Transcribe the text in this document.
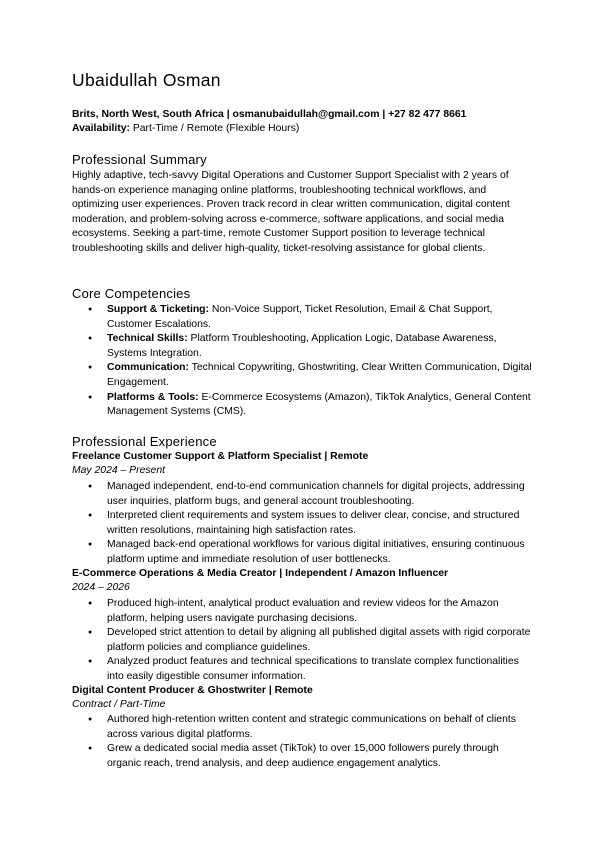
Ubaidullah Osman
Brits, North West, South Africa | osmanubaidullah@gmail.com | +27 82 477 8661
Availability: Part-Time / Remote (Flexible Hours)
Professional Summary
Highly adaptive, tech-savvy Digital Operations and Customer Support Specialist with 2 years of hands-on experience managing online platforms, troubleshooting technical workflows, and optimizing user experiences. Proven track record in clear written communication, digital content moderation, and problem-solving across e-commerce, software applications, and social media ecosystems. Seeking a part-time, remote Customer Support position to leverage technical troubleshooting skills and deliver high-quality, ticket-resolving assistance for global clients.
Core Competencies
● Support & Ticketing: Non-Voice Support, Ticket Resolution, Email & Chat Support, Customer Escalations.
● Technical Skills: Platform Troubleshooting, Application Logic, Database Awareness, Systems Integration.
● Communication: Technical Copywriting, Ghostwriting, Clear Written Communication, Digital Engagement.
● Platforms & Tools: E-Commerce Ecosystems (Amazon), TikTok Analytics, General Content Management Systems (CMS).
Professional Experience
Freelance Customer Support & Platform Specialist | Remote
May 2024 – Present
● Managed independent, end-to-end communication channels for digital projects, addressing user inquiries, platform bugs, and general account troubleshooting.
● Interpreted client requirements and system issues to deliver clear, concise, and structured written resolutions, maintaining high satisfaction rates.
● Managed back-end operational workflows for various digital initiatives, ensuring continuous platform uptime and immediate resolution of user bottlenecks.
E-Commerce Operations & Media Creator | Independent / Amazon Influencer
2024 – 2026
● Produced high-intent, analytical product evaluation and review videos for the Amazon platform, helping users navigate purchasing decisions.
● Developed strict attention to detail by aligning all published digital assets with rigid corporate platform policies and compliance guidelines.
● Analyzed product features and technical specifications to translate complex functionalities into easily digestible consumer information.
Digital Content Producer & Ghostwriter | Remote
Contract / Part-Time
● Authored high-retention written content and strategic communications on behalf of clients across various digital platforms.
● Grew a dedicated social media asset (TikTok) to over 15,000 followers purely through organic reach, trend analysis, and deep audience engagement analytics.
